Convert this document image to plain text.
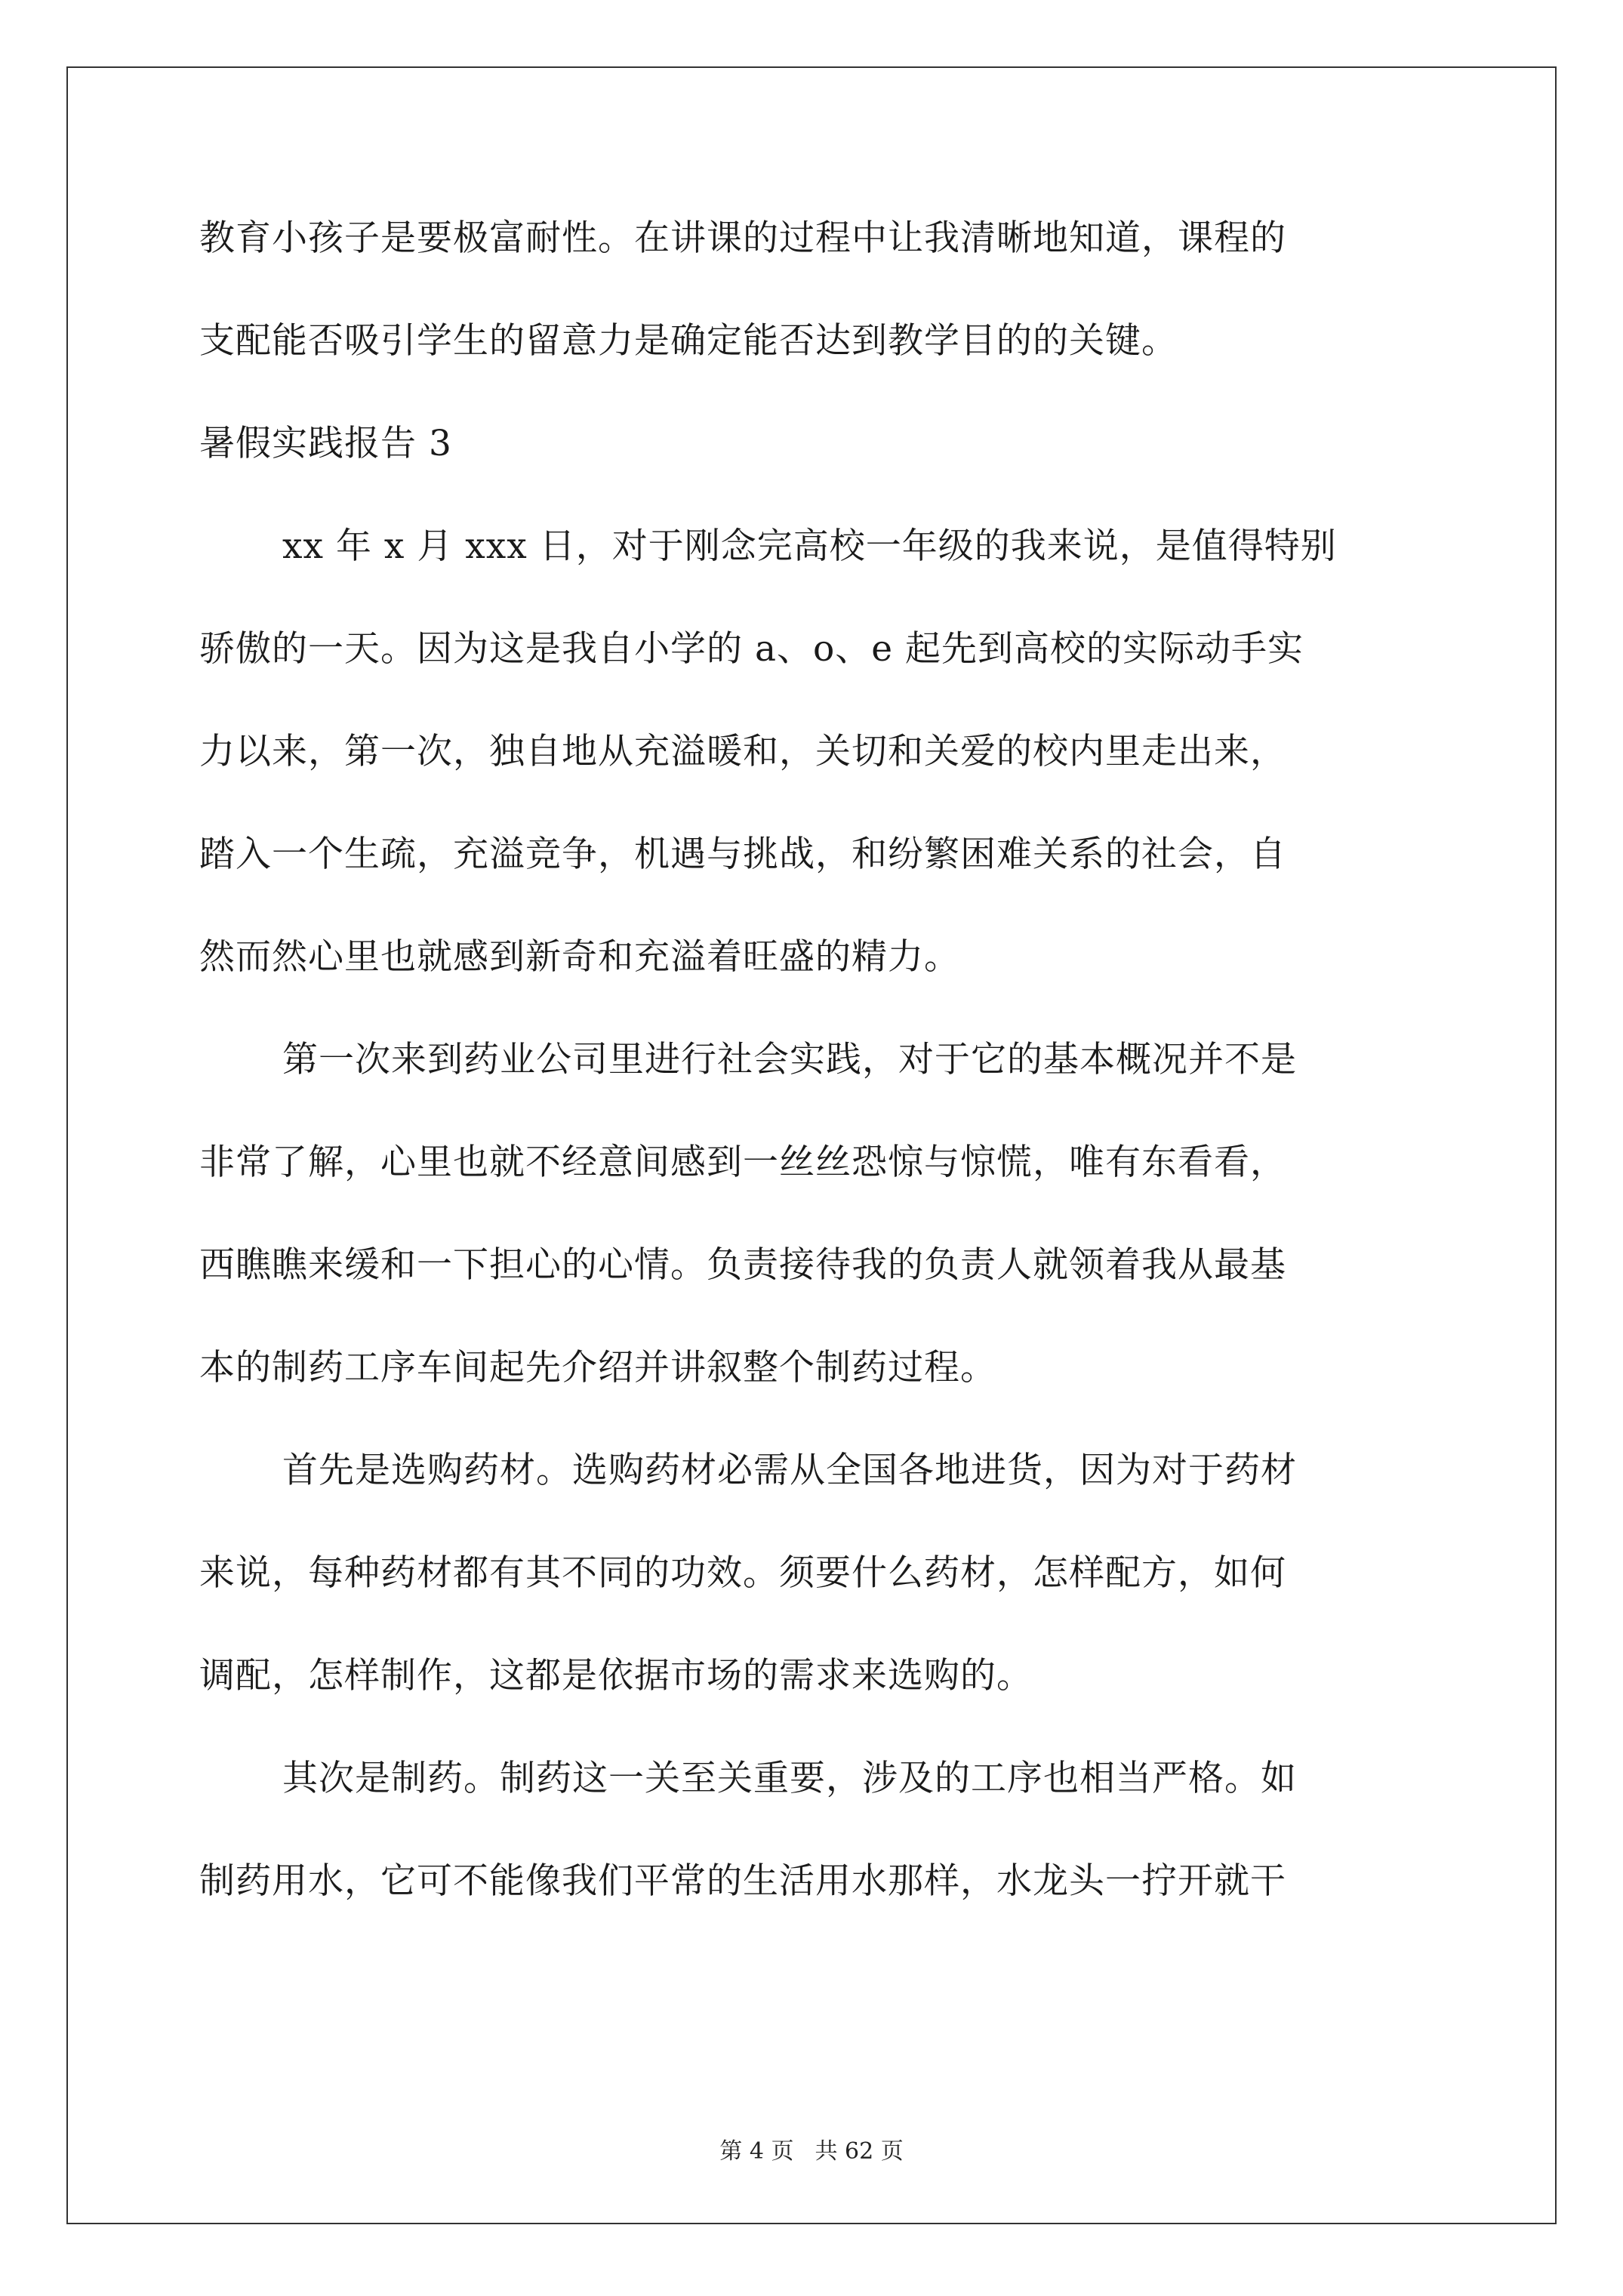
教育小孩子是要极富耐性。在讲课的过程中让我清晰地知道，课程的
支配能否吸引学生的留意力是确定能否达到教学目的的关键。
暑假实践报告 3
xx 年 x 月 xxx 日，对于刚念完高校一年级的我来说，是值得特别
骄傲的一天。因为这是我自小学的 a、o、e 起先到高校的实际动手实
力以来，第一次，独自地从充溢暖和，关切和关爱的校内里走出来，
踏入一个生疏，充溢竞争，机遇与挑战，和纷繁困难关系的社会，自
然而然心里也就感到新奇和充溢着旺盛的精力。
第一次来到药业公司里进行社会实践，对于它的基本概况并不是
非常了解，心里也就不经意间感到一丝丝恐惊与惊慌，唯有东看看，
西瞧瞧来缓和一下担心的心情。负责接待我的负责人就领着我从最基
本的制药工序车间起先介绍并讲叙整个制药过程。
首先是选购药材。选购药材必需从全国各地进货，因为对于药材
来说，每种药材都有其不同的功效。须要什么药材，怎样配方，如何
调配，怎样制作，这都是依据市场的需求来选购的。
其次是制药。制药这一关至关重要，涉及的工序也相当严格。如
制药用水，它可不能像我们平常的生活用水那样，水龙头一拧开就干
第 4 页 共 62 页
